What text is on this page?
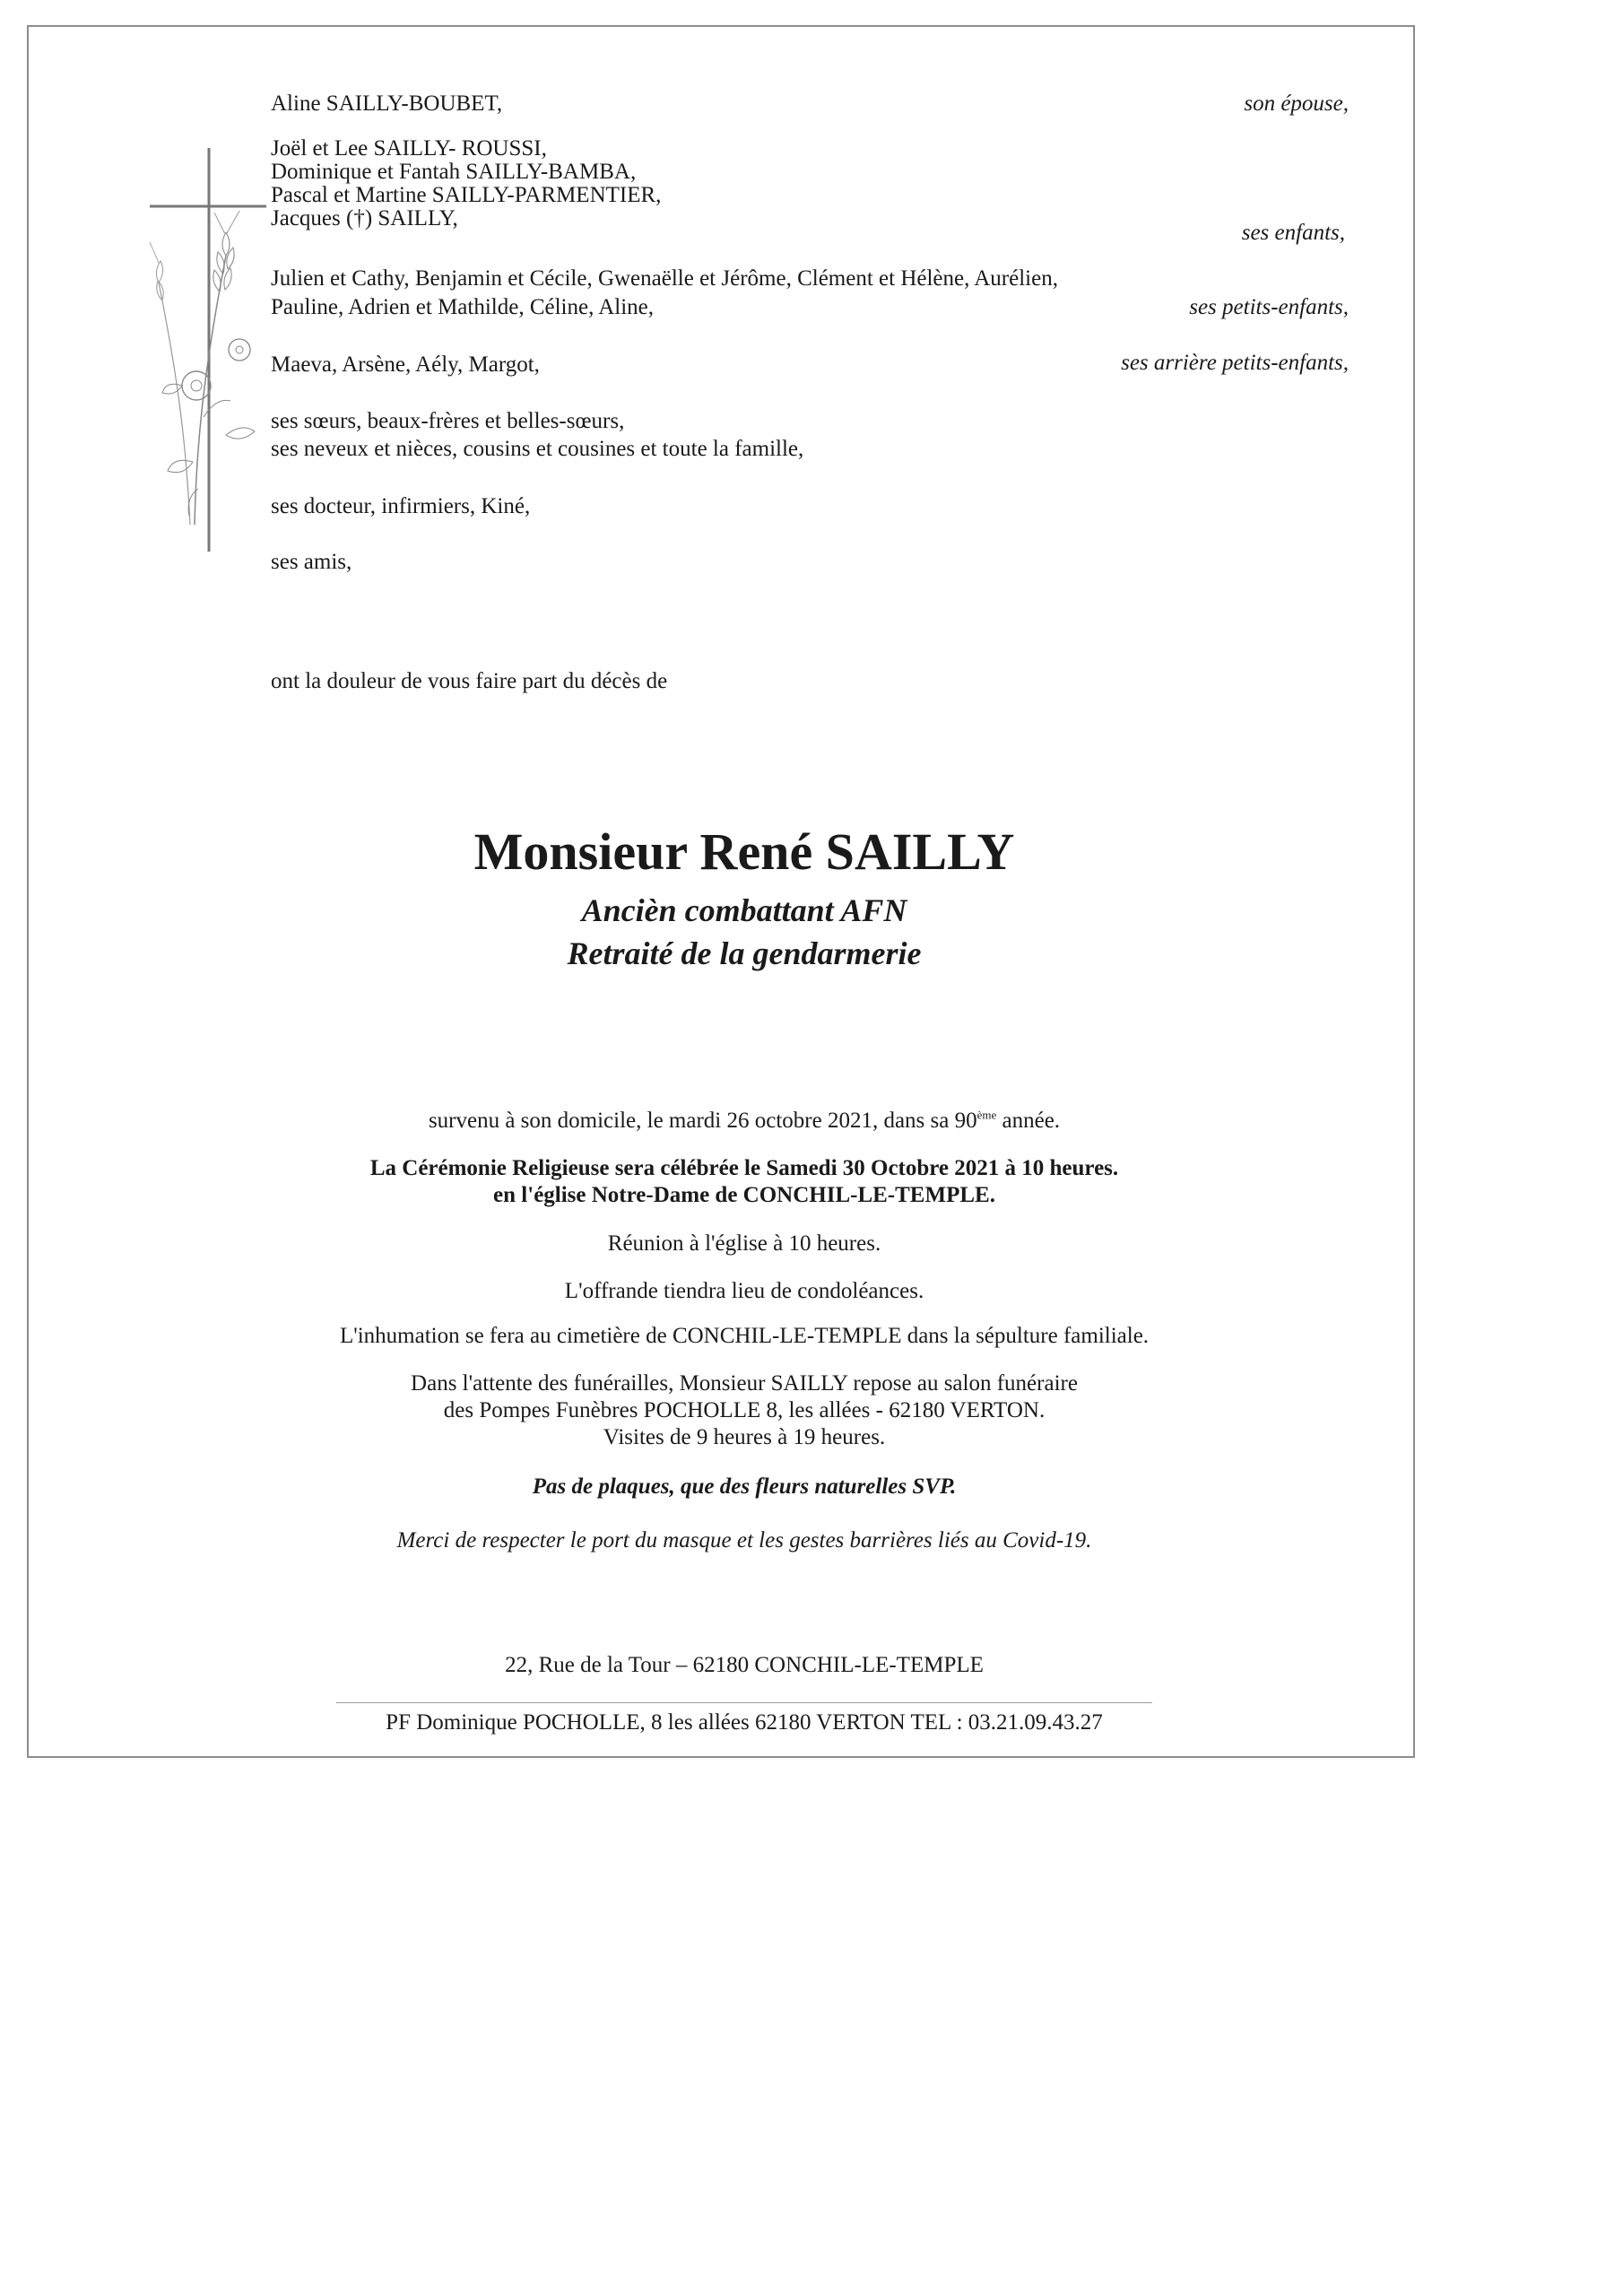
Aline SAILLY-BOUBET,	son épouse,
Joël et Lee SAILLY- ROUSSI,
Dominique et Fantah SAILLY-BAMBA,
Pascal et Martine SAILLY-PARMENTIER,
Jacques (†) SAILLY,
ses enfants,
Julien et Cathy, Benjamin et Cécile, Gwenaëlle et Jérôme, Clément et Hélène, Aurélien,
Pauline, Adrien et Mathilde, Céline, Aline,	ses petits-enfants,
Maeva, Arsène, Aély, Margot,	ses arrière petits-enfants,
ses sœurs, beaux-frères et belles-sœurs,
ses neveux et nièces, cousins et cousines et toute la famille,
ses docteur, infirmiers, Kiné,
ses amis,
ont la douleur de vous faire part du décès de
Monsieur René SAILLY
Ancièn combattant AFN
Retraité de la gendarmerie
survenu à son domicile, le mardi 26 octobre 2021, dans sa 90ème année.
La Cérémonie Religieuse sera célébrée le Samedi 30 Octobre 2021 à 10 heures.
en l'église Notre-Dame de CONCHIL-LE-TEMPLE.
Réunion à l'église à 10 heures.
L'offrande tiendra lieu de condoléances.
L'inhumation se fera au cimetière de CONCHIL-LE-TEMPLE dans la sépulture familiale.
Dans l'attente des funérailles, Monsieur SAILLY repose au salon funéraire
des Pompes Funèbres POCHOLLE 8, les allées - 62180 VERTON.
Visites de 9 heures à 19 heures.
Pas de plaques, que des fleurs naturelles SVP.
Merci de respecter le port du masque et les gestes barrières liés au Covid-19.
22, Rue de la Tour – 62180 CONCHIL-LE-TEMPLE
PF Dominique POCHOLLE, 8 les allées 62180 VERTON TEL : 03.21.09.43.27
